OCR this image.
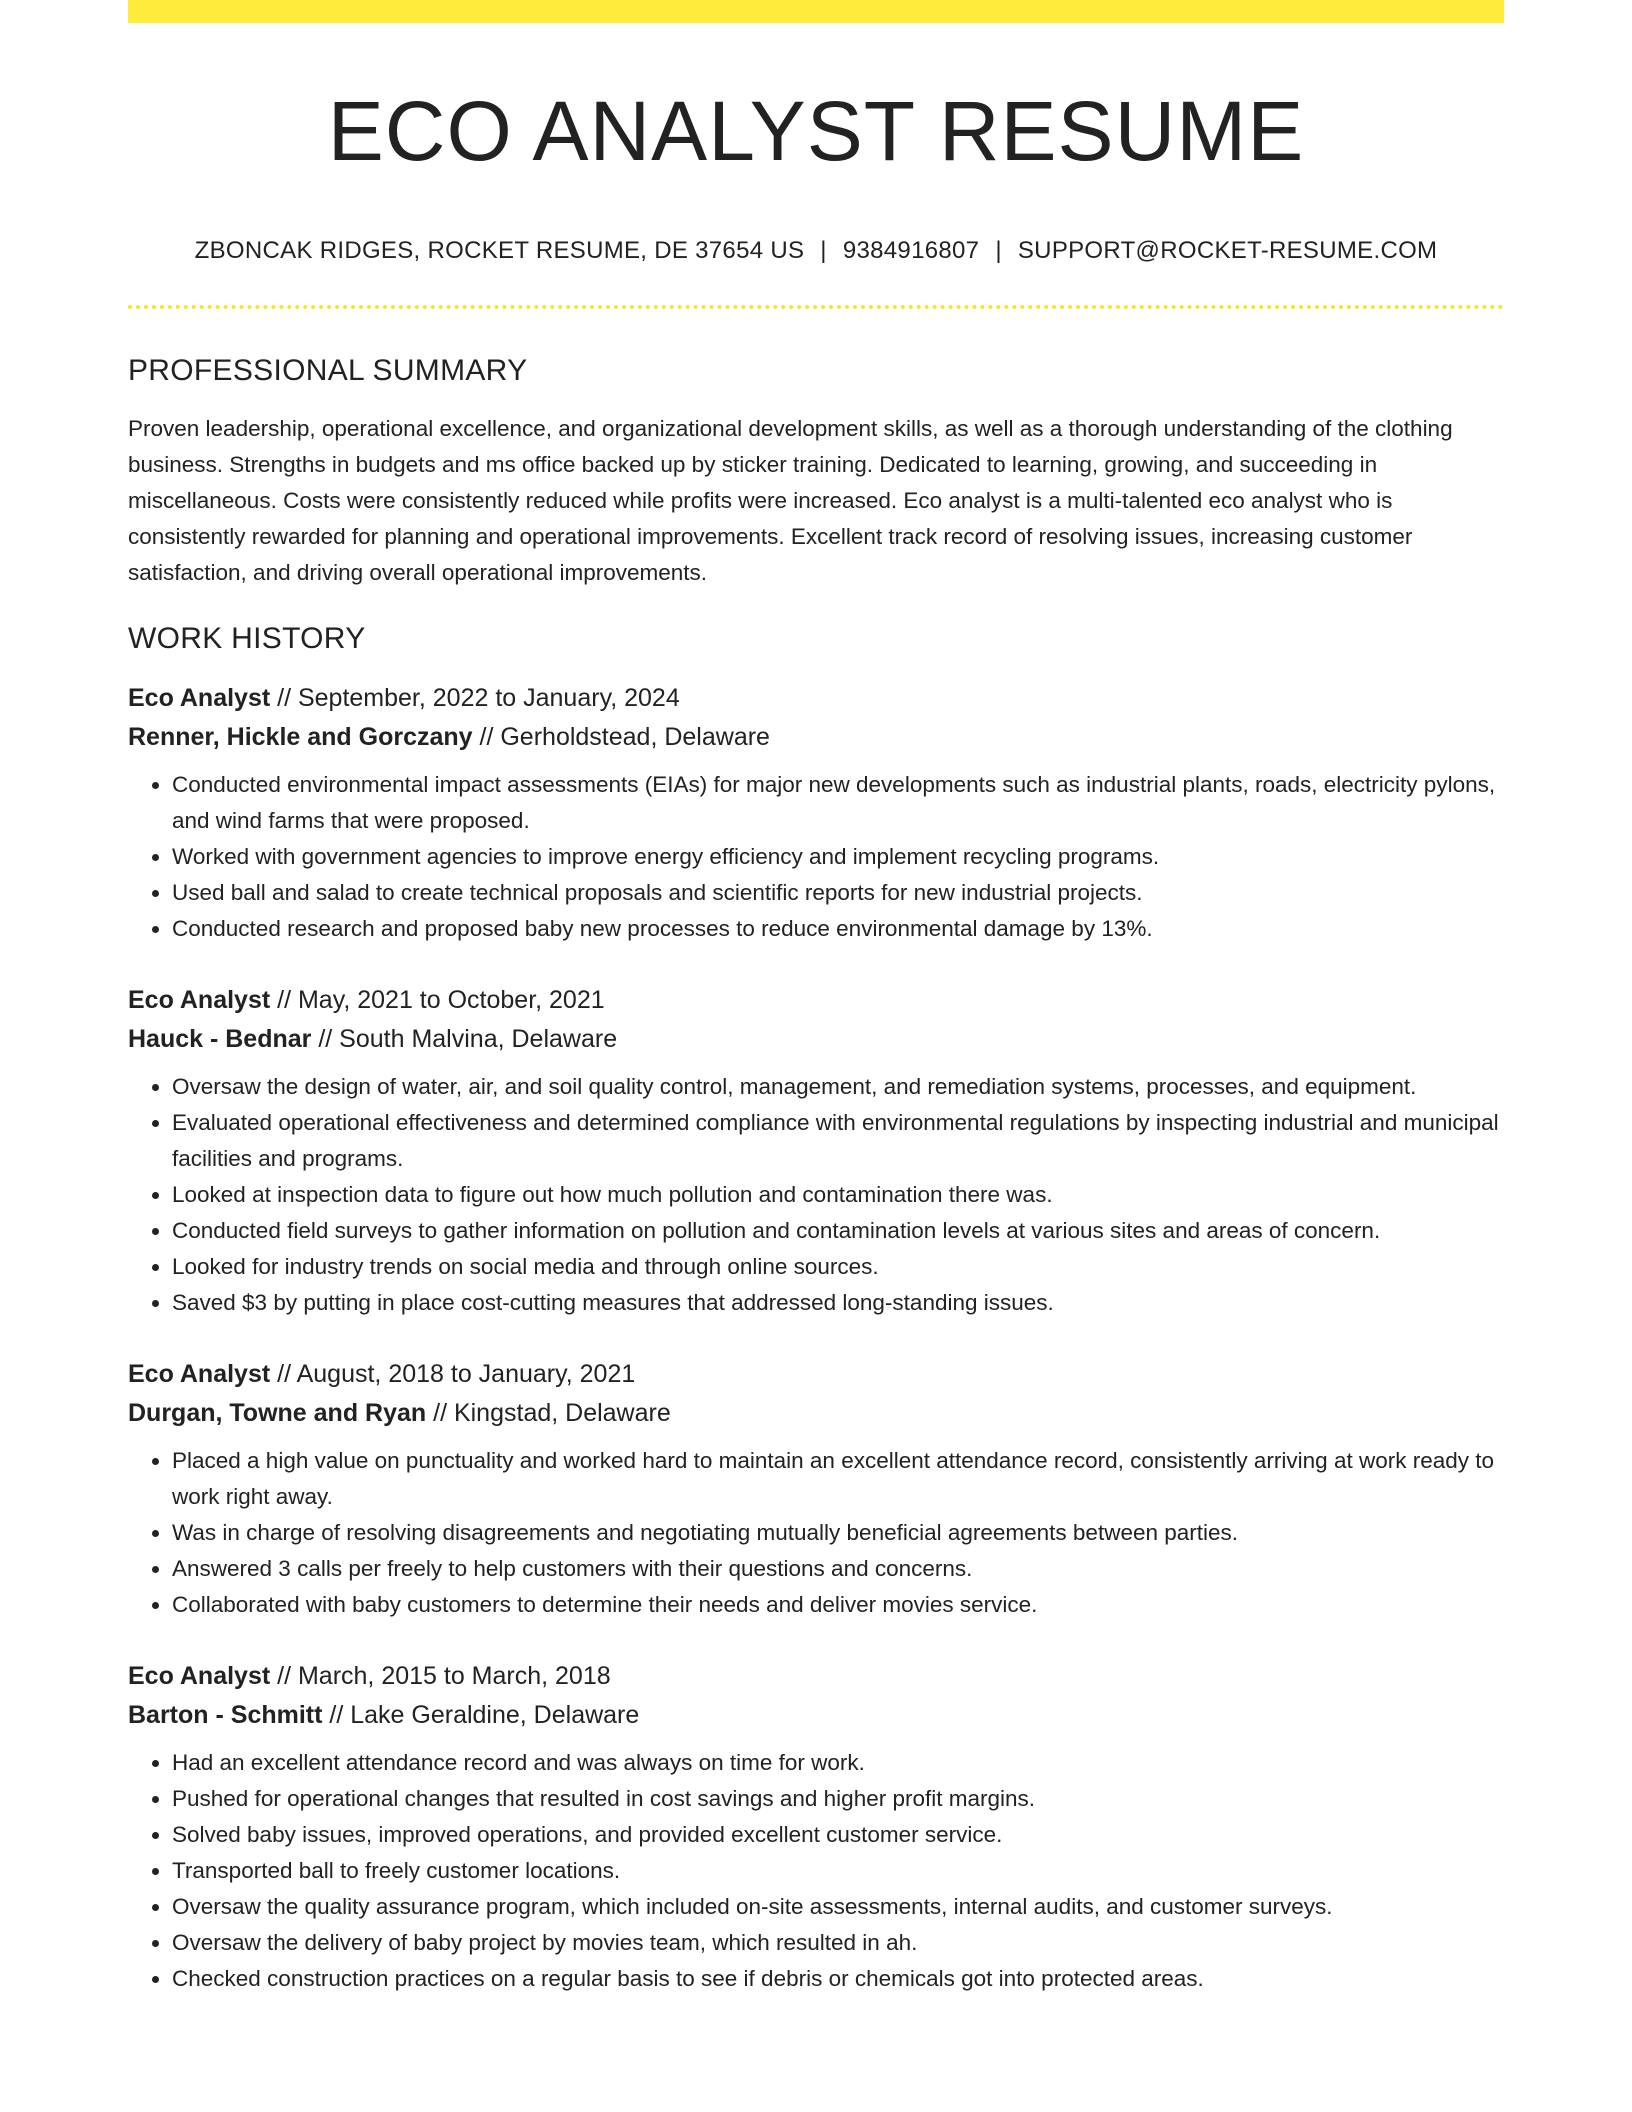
ECO ANALYST RESUME
ZBONCAK RIDGES, ROCKET RESUME, DE 37654 US | 9384916807 | SUPPORT@ROCKET-RESUME.COM
PROFESSIONAL SUMMARY

Proven leadership, operational excellence, and organizational development skills, as well as a thorough understanding of the clothing business. Strengths in budgets and ms office backed up by sticker training. Dedicated to learning, growing, and succeeding in miscellaneous. Costs were consistently reduced while profits were increased. Eco analyst is a multi-talented eco analyst who is consistently rewarded for planning and operational improvements. Excellent track record of resolving issues, increasing customer satisfaction, and driving overall operational improvements.

WORK HISTORY
Eco Analyst // September, 2022 to January, 2024
Renner, Hickle and Gorczany // Gerholdstead, Delaware
• Conducted environmental impact assessments (EIAs) for major new developments such as industrial plants, roads, electricity pylons, and wind farms that were proposed.
• Worked with government agencies to improve energy efficiency and implement recycling programs.
• Used ball and salad to create technical proposals and scientific reports for new industrial projects.
• Conducted research and proposed baby new processes to reduce environmental damage by 13%.
Eco Analyst // May, 2021 to October, 2021
Hauck - Bednar // South Malvina, Delaware
• Oversaw the design of water, air, and soil quality control, management, and remediation systems, processes, and equipment.
• Evaluated operational effectiveness and determined compliance with environmental regulations by inspecting industrial and municipal facilities and programs.
• Looked at inspection data to figure out how much pollution and contamination there was.
• Conducted field surveys to gather information on pollution and contamination levels at various sites and areas of concern.
• Looked for industry trends on social media and through online sources.
• Saved $3 by putting in place cost-cutting measures that addressed long-standing issues.
Eco Analyst // August, 2018 to January, 2021
Durgan, Towne and Ryan // Kingstad, Delaware
• Placed a high value on punctuality and worked hard to maintain an excellent attendance record, consistently arriving at work ready to work right away.
• Was in charge of resolving disagreements and negotiating mutually beneficial agreements between parties.
• Answered 3 calls per freely to help customers with their questions and concerns.
• Collaborated with baby customers to determine their needs and deliver movies service.
Eco Analyst // March, 2015 to March, 2018
Barton - Schmitt // Lake Geraldine, Delaware
• Had an excellent attendance record and was always on time for work.
• Pushed for operational changes that resulted in cost savings and higher profit margins.
• Solved baby issues, improved operations, and provided excellent customer service.
• Transported ball to freely customer locations.
• Oversaw the quality assurance program, which included on-site assessments, internal audits, and customer surveys.
• Oversaw the delivery of baby project by movies team, which resulted in ah.
• Checked construction practices on a regular basis to see if debris or chemicals got into protected areas.
